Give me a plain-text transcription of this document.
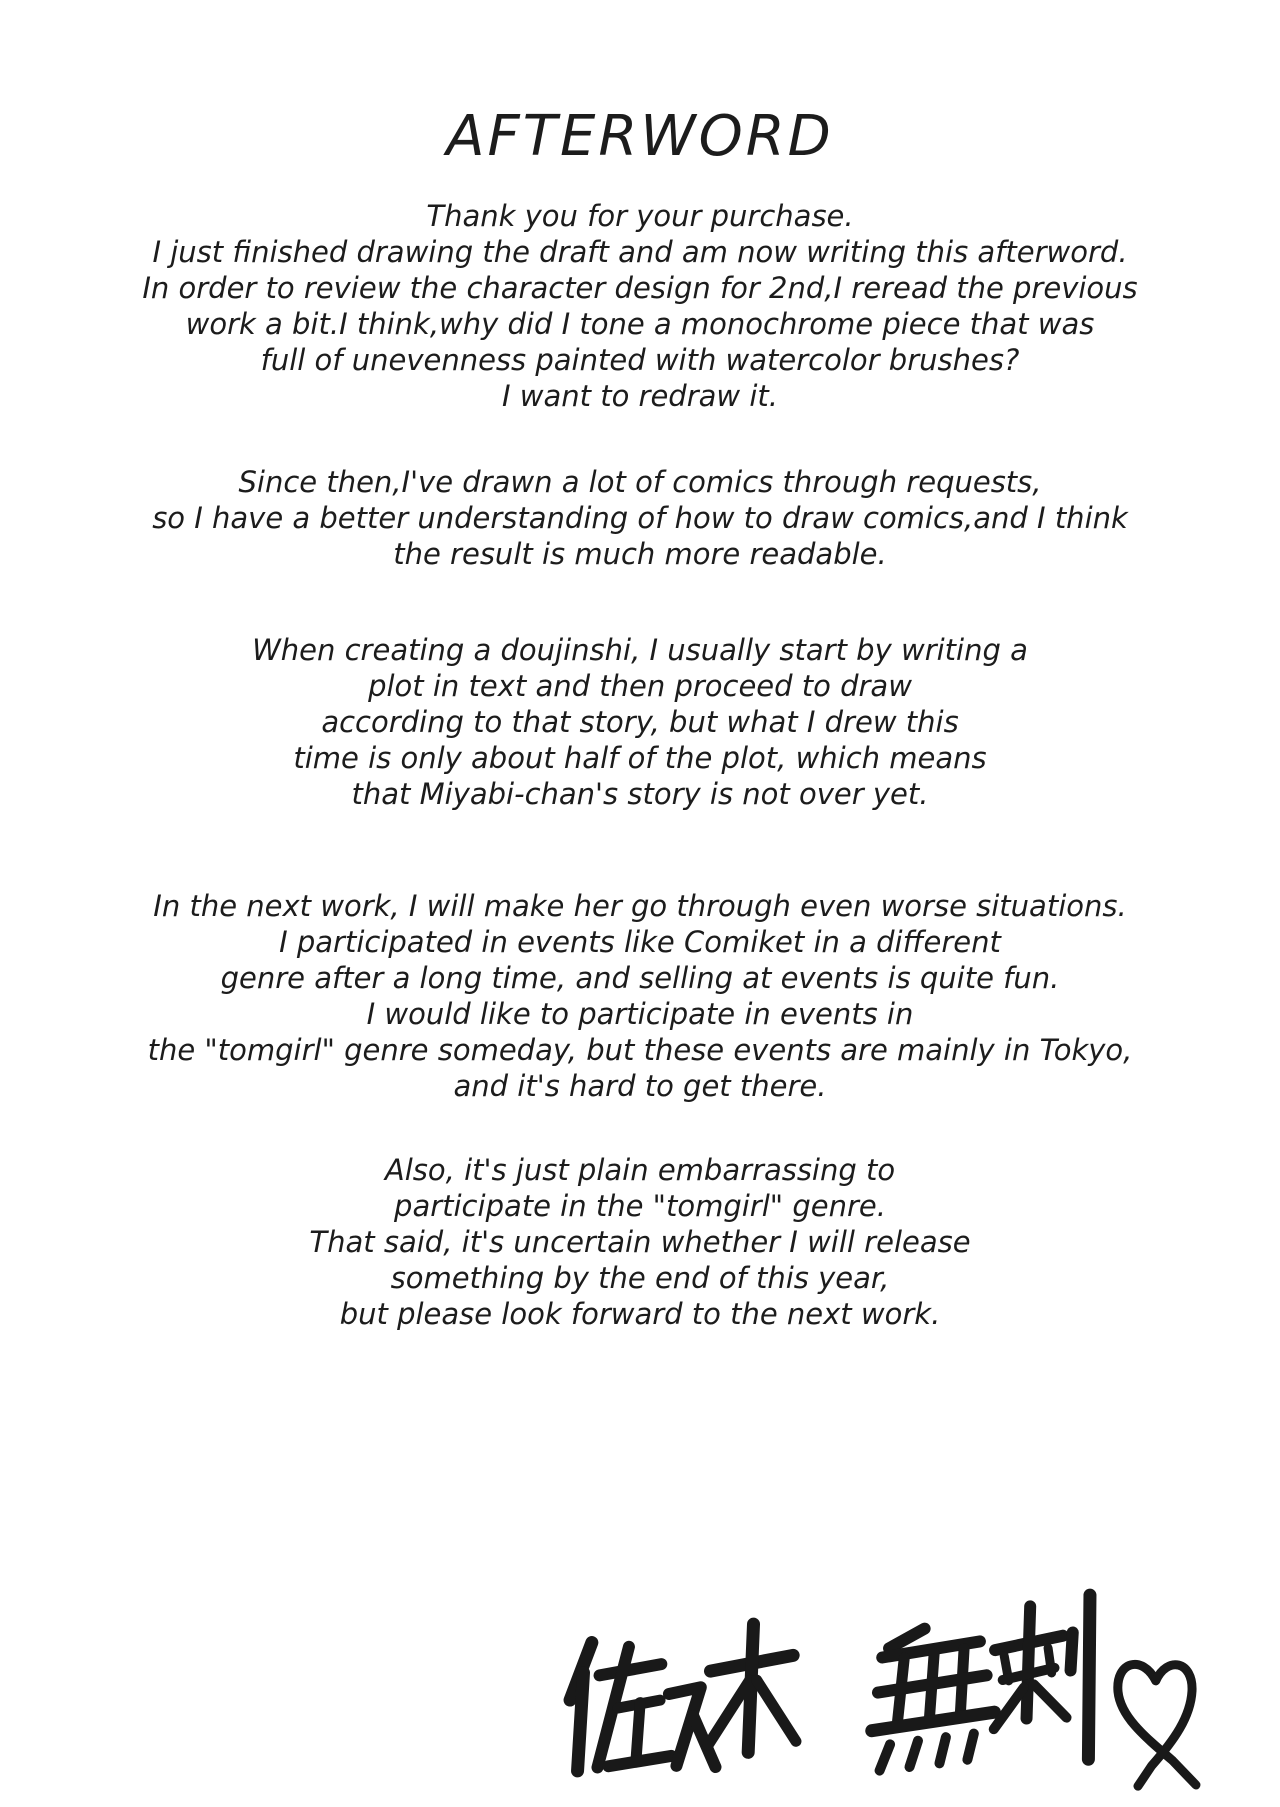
AFTERWORD
Thank you for your purchase.
I just finished drawing the draft and am now writing this afterword.
In order to review the character design for 2nd,I reread the previous
work a bit.I think,why did I tone a monochrome piece that was
full of unevenness painted with watercolor brushes?
I want to redraw it.
Since then,I've drawn a lot of comics through requests,
so I have a better understanding of how to draw comics,and I think
the result is much more readable.
When creating a doujinshi, I usually start by writing a
plot in text and then proceed to draw
according to that story, but what I drew this
time is only about half of the plot, which means
that Miyabi-chan's story is not over yet.
In the next work, I will make her go through even worse situations.
I participated in events like Comiket in a different
genre after a long time, and selling at events is quite fun.
I would like to participate in events in
the "tomgirl" genre someday, but these events are mainly in Tokyo,
and it's hard to get there.
Also, it's just plain embarrassing to
participate in the "tomgirl" genre.
That said, it's uncertain whether I will release
something by the end of this year,
but please look forward to the next work.
